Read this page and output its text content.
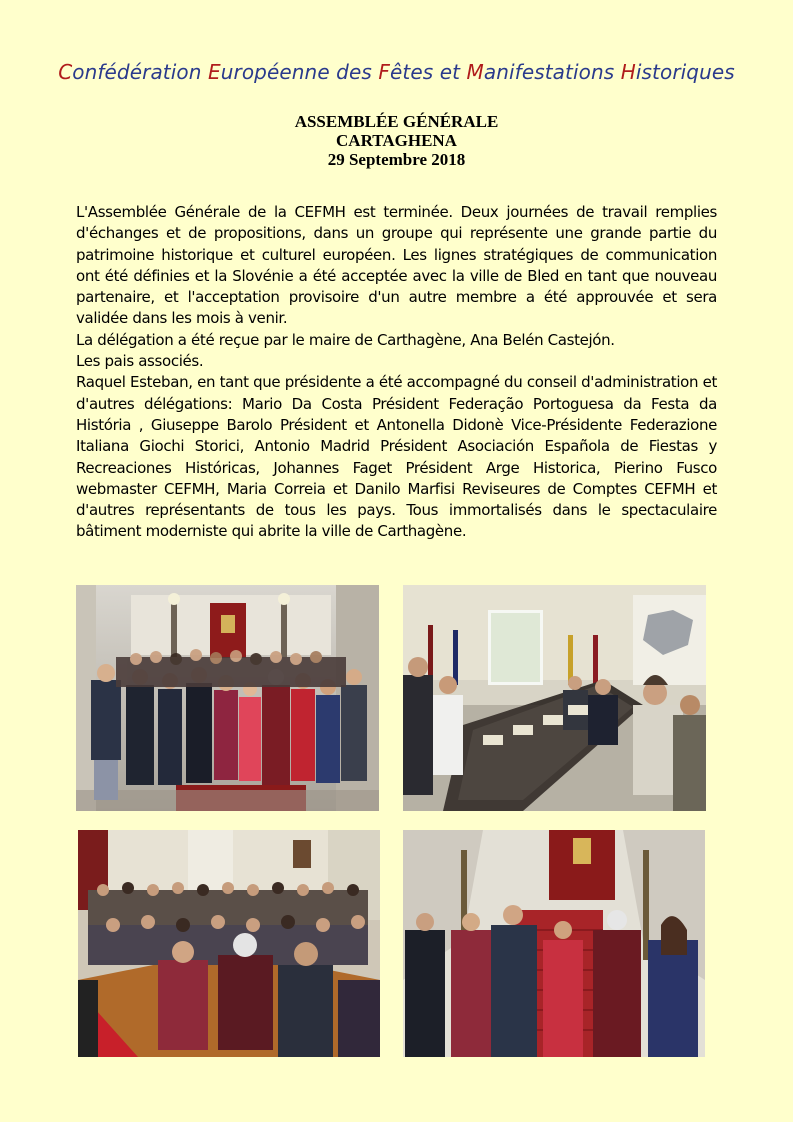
Confédération Européenne des Fêtes et Manifestations Historiques
ASSEMBLÉE GÉNÉRALE
CARTAGHENA
29 Septembre 2018

L'Assemblée Générale de la CEFMH est terminée. Deux journées de travail remplies d'échanges et de propositions, dans un groupe qui représente une grande partie du patrimoine historique et culturel européen. Les lignes stratégiques de communication ont été définies et la Slovénie a été acceptée avec la ville de Bled en tant que nouveau partenaire, et l'acceptation provisoire d'un autre membre a été approuvée et sera validée dans les mois à venir.

La délégation a été reçue par le maire de Carthagène, Ana Belén Castejón.

Les pais associés.

Raquel Esteban, en tant que présidente a été accompagné du conseil d'administration et d'autres délégations: Mario Da Costa Président Federação Portoguesa da Festa da História , Giuseppe Barolo Président et Antonella Didonè Vice-Présidente Federazione Italiana Giochi Storici, Antonio Madrid Président Asociación Española de Fiestas y Recreaciones Históricas, Johannes Faget Président Arge Historica, Pierino Fusco webmaster CEFMH, Maria Correia et Danilo Marfisi Reviseures de Comptes CEFMH et d'autres représentants de tous les pays. Tous immortalisés dans le spectaculaire bâtiment moderniste qui abrite la ville de Carthagène.
